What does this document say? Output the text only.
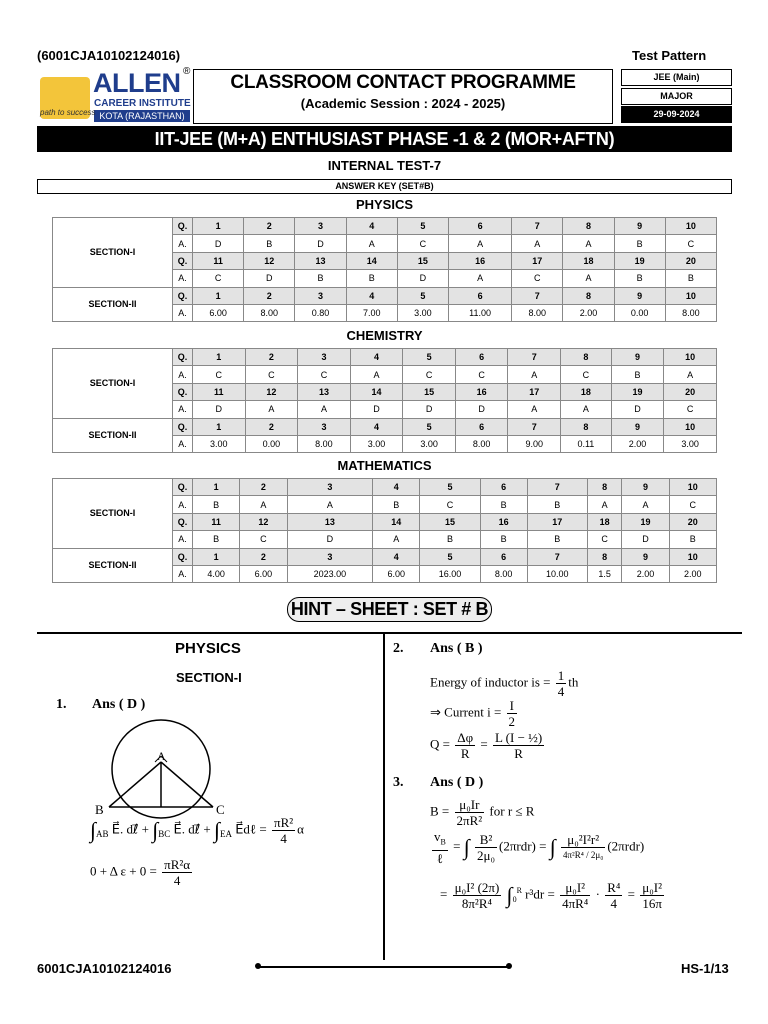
(6001CJA10102124016)	Test Pattern
ALLEN ®
CAREER INSTITUTE
KOTA (RAJASTHAN)
path to success
CLASSROOM CONTACT PROGRAMME
(Academic Session : 2024 - 2025)
JEE (Main)
MAJOR
29-09-2024
IIT-JEE (M+A) ENTHUSIAST PHASE -1 & 2 (MOR+AFTN)
INTERNAL TEST-7
ANSWER KEY (SET#B)
PHYSICS
SECTION-I	Q.	1	2	3	4	5	6	7	8	9	10
	A.	D	B	D	A	C	A	A	A	B	C
	Q.	11	12	13	14	15	16	17	18	19	20
	A.	C	D	B	B	D	A	C	A	B	B
SECTION-II	Q.	1	2	3	4	5	6	7	8	9	10
	A.	6.00	8.00	0.80	7.00	3.00	11.00	8.00	2.00	0.00	8.00
CHEMISTRY
SECTION-I	Q.	1	2	3	4	5	6	7	8	9	10
	A.	C	C	C	A	C	C	A	C	B	A
	Q.	11	12	13	14	15	16	17	18	19	20
	A.	D	A	A	D	D	D	A	A	D	C
SECTION-II	Q.	1	2	3	4	5	6	7	8	9	10
	A.	3.00	0.00	8.00	3.00	3.00	8.00	9.00	0.11	2.00	3.00
MATHEMATICS
SECTION-I	Q.	1	2	3	4	5	6	7	8	9	10
	A.	B	A	A	B	C	B	B	A	A	C
	Q.	11	12	13	14	15	16	17	18	19	20
	A.	B	C	D	A	B	B	B	C	D	B
SECTION-II	Q.	1	2	3	4	5	6	7	8	9	10
	A.	4.00	6.00	2023.00	6.00	16.00	8.00	10.00	1.5	2.00	2.00
HINT – SHEET : SET # B
PHYSICS
SECTION-I
1. Ans ( D )
A
B	C
$\int_{AB}$ E⃗. dℓ⃗ + $\int_{BC}$ E⃗. dℓ⃗ + $\int_{EA}$ E⃗dℓ = $\frac{\text{πR²}}{4}$ α
0 + Δ $\varepsilon + 0 = \frac{\text{πR²α}}{4}$
2. Ans ( B )
Energy of inductor is = $\frac{1}{4}$ th
⇒ Current $i = \frac{I}{2}$
$Q = \frac{\Delta\varphi}{R} = \frac{\text{L (I − ½)}}{R}$
3. Ans ( D )
$B = \frac{\text{μ₀Ir}}{\text{2πR²}}$ for r ≤ R
$\frac{v_B}{\text{ℓ}}$ = ∫ $\frac{\text{B²}}{\text{2μ₀}} (2\pi rdr)$ = ∫ $\frac{\text{μ₀²I²r²}}{\text{4π²R⁴ / 2μ₀}} (2\pi rdr)$
= $\frac{\text{μ₀I² (2π)}}{\text{8π²R⁴}} \int_0^R$ $r^3dr = \frac{\text{μ₀I²}}{\text{4πR⁴}} \cdot \frac{\text{R⁴}}{4} = \frac{\text{μ₀I²}}{16\pi}$
6001CJA10102124016	HS-1/13
